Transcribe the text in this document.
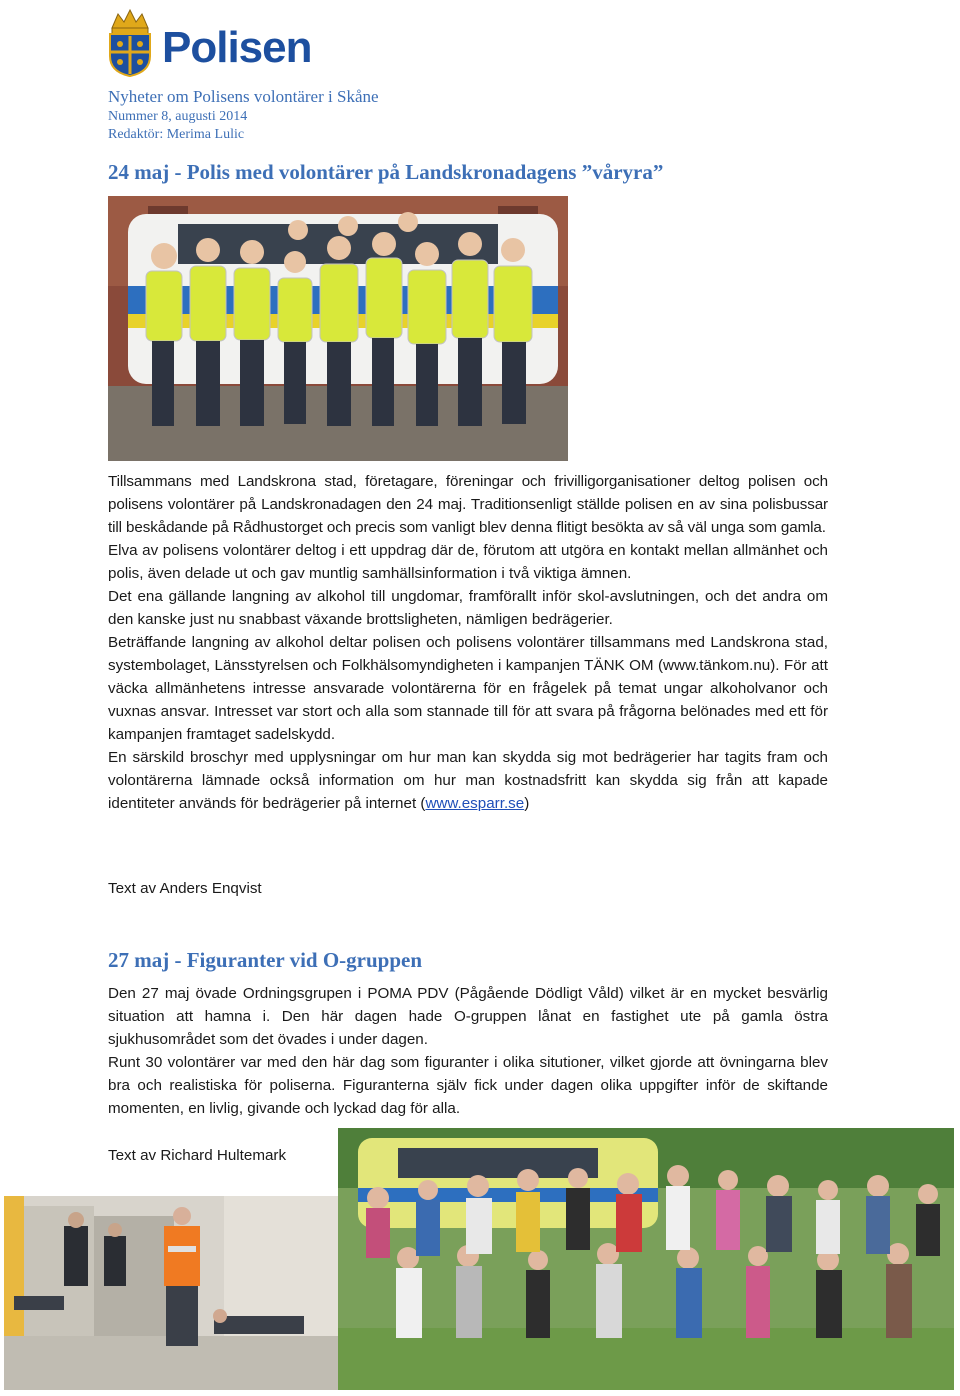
Polisen
Nyheter om Polisens volontärer i Skåne
Nummer 8, augusti 2014
Redaktör: Merima Lulic
24 maj - Polis med volontärer på Landskronadagens ”våryra”

Tillsammans med Landskrona stad, företagare, föreningar och frivilligorganisationer deltog polisen och polisens volontärer på Landskronadagen den 24 maj. Traditionsenligt ställde polisen en av sina polisbussar till beskådande på Rådhustorget och precis som vanligt blev denna flitigt besökta av så väl unga som gamla.

Elva av polisens volontärer deltog i ett uppdrag där de, förutom att utgöra en kontakt mellan allmänhet och polis, även delade ut och gav muntlig samhällsinformation i två viktiga ämnen.

Det ena gällande langning av alkohol till ungdomar, framförallt inför skol-avslutningen, och det andra om den kanske just nu snabbast växande brottsligheten, nämligen bedrägerier.

Beträffande langning av alkohol deltar polisen och polisens volontärer tillsammans med Landskrona stad, systembolaget, Länsstyrelsen och Folkhälsomyndigheten i kampanjen TÄNK OM (www.tänkom.nu). För att väcka allmänhetens intresse ansvarade volontärerna för en frågelek på temat ungar alkoholvanor och vuxnas ansvar. Intresset var stort och alla som stannade till för att svara på frågorna belönades med ett för kampanjen framtaget sadelskydd.

En särskild broschyr med upplysningar om hur man kan skydda sig mot bedrägerier har tagits fram och volontärerna lämnade också information om hur man kostnadsfritt kan skydda sig från att kapade identiteter används för bedrägerier på internet (www.esparr.se)

Text av Anders Enqvist
27 maj - Figuranter vid O-gruppen

Den 27 maj övade Ordningsgrupen i POMA PDV (Pågående Dödligt Våld) vilket är en mycket besvärlig situation att hamna i. Den här dagen hade O-gruppen lånat en fastighet ute på gamla östra sjukhusområdet som det övades i under dagen.

Runt 30 volontärer var med den här dag som figuranter i olika situtioner, vilket gjorde att övningarna blev bra och realistiska för poliserna. Figuranterna själv fick under dagen olika uppgifter inför de skiftande momenten, en livlig, givande och lyckad dag för alla.

Text av Richard Hultemark
